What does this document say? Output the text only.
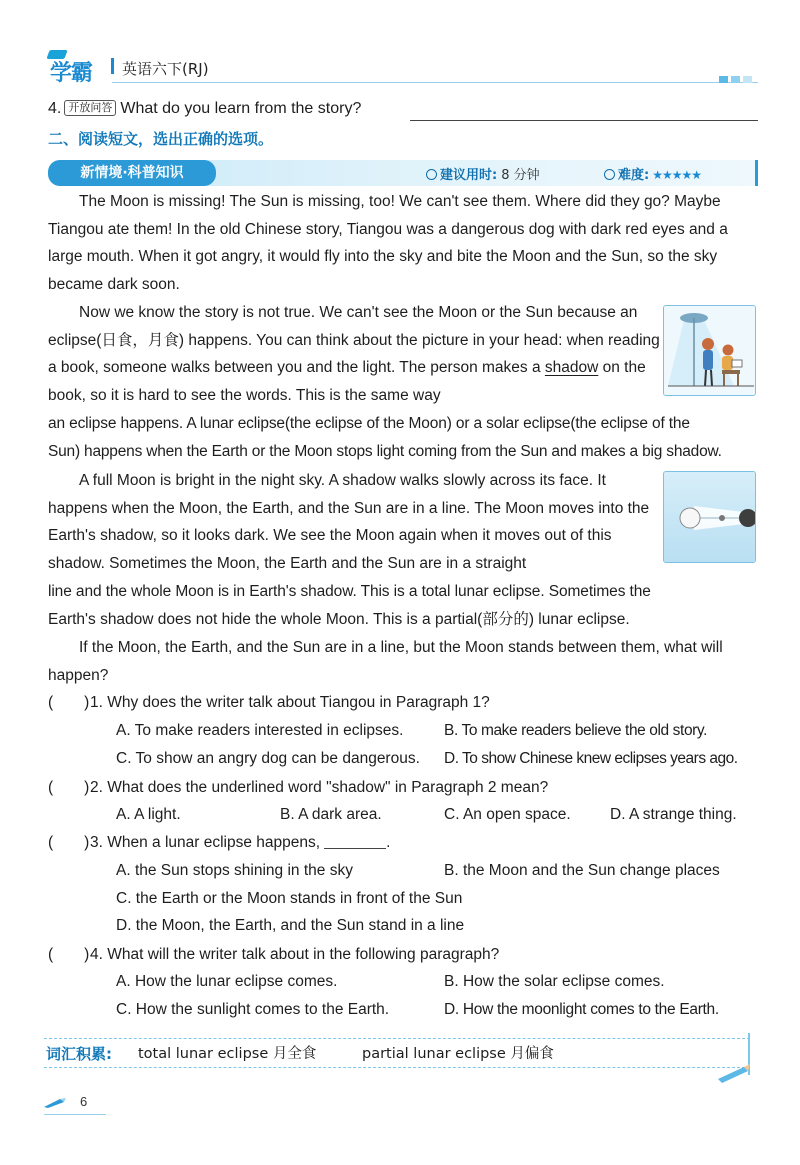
学霸 英语六下(RJ)
4. 开放问答 What do you learn from the story?
二、阅读短文，选出正确的选项。
新情境·科普知识	建议用时: 8 分钟	难度: ★★★★★
The Moon is missing! The Sun is missing, too! We can't see them. Where did they go? Maybe Tiangou ate them! In the old Chinese story, Tiangou was a dangerous dog with dark red eyes and a large mouth. When it got angry, it would fly into the sky and bite the Moon and the Sun, so the sky became dark soon.
Now we know the story is not true. We can't see the Moon or the Sun because an eclipse(日食，月食) happens. You can think about the picture in your head: when reading a book, someone walks between you and the light. The person makes a shadow on the book, so it is hard to see the words. This is the same way
an eclipse happens. A lunar eclipse(the eclipse of the Moon) or a solar eclipse(the eclipse of the
Sun) happens when the Earth or the Moon stops light coming from the Sun and makes a big shadow.
A full Moon is bright in the night sky. A shadow walks slowly across its face. It happens when the Moon, the Earth, and the Sun are in a line. The Moon moves into the Earth's shadow, so it looks dark. We see the Moon again when it moves out of this shadow. Sometimes the Moon, the Earth and the Sun are in a straight
line and the whole Moon is in Earth's shadow. This is a total lunar eclipse. Sometimes the
Earth's shadow does not hide the whole Moon. This is a partial(部分的) lunar eclipse.
If the Moon, the Earth, and the Sun are in a line, but the Moon stands between them, what will happen?
(　　) 1. Why does the writer talk about Tiangou in Paragraph 1?
A. To make readers interested in eclipses.	B. To make readers believe the old story.
C. To show an angry dog can be dangerous. D. To show Chinese knew eclipses years ago.
(　　) 2. What does the underlined word "shadow" in Paragraph 2 mean?
A. A light.	B. A dark area.	C. An open space.	D. A strange thing.
(　　) 3. When a lunar eclipse happens,	.
A. the Sun stops shining in the sky	B. the Moon and the Sun change places
C. the Earth or the Moon stands in front of the Sun
D. the Moon, the Earth, and the Sun stand in a line
(　　) 4. What will the writer talk about in the following paragraph?
A. How the lunar eclipse comes.	B. How the solar eclipse comes.
C. How the sunlight comes to the Earth.	D. How the moonlight comes to the Earth.
词汇积累: total lunar eclipse 月全食	partial lunar eclipse 月偏食
6
